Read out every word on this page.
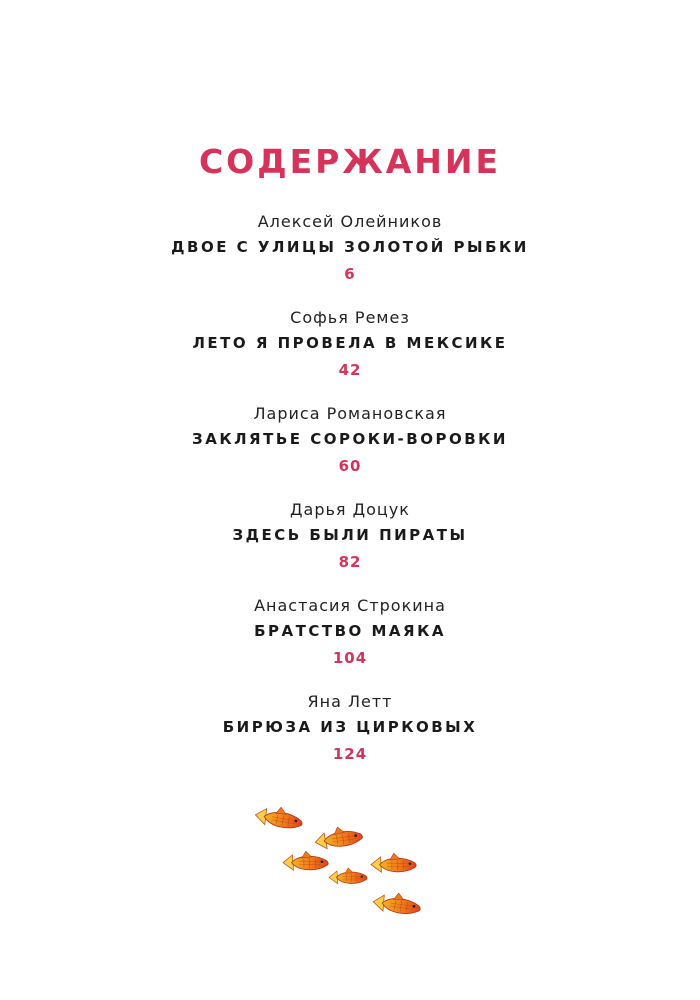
СОДЕРЖАНИЕ
Алексей Олейников
ДВОЕ С УЛИЦЫ ЗОЛОТОЙ РЫБКИ
6
Софья Ремез
ЛЕТО Я ПРОВЕЛА В МЕКСИКЕ
42
Лариса Романовская
ЗАКЛЯТЬЕ СОРОКИ-ВОРОВКИ
60
Дарья Доцук
ЗДЕСЬ БЫЛИ ПИРАТЫ
82
Анастасия Строкина
БРАТСТВО МАЯКА
104
Яна Летт
БИРЮЗА ИЗ ЦИРКОВЫХ
124
